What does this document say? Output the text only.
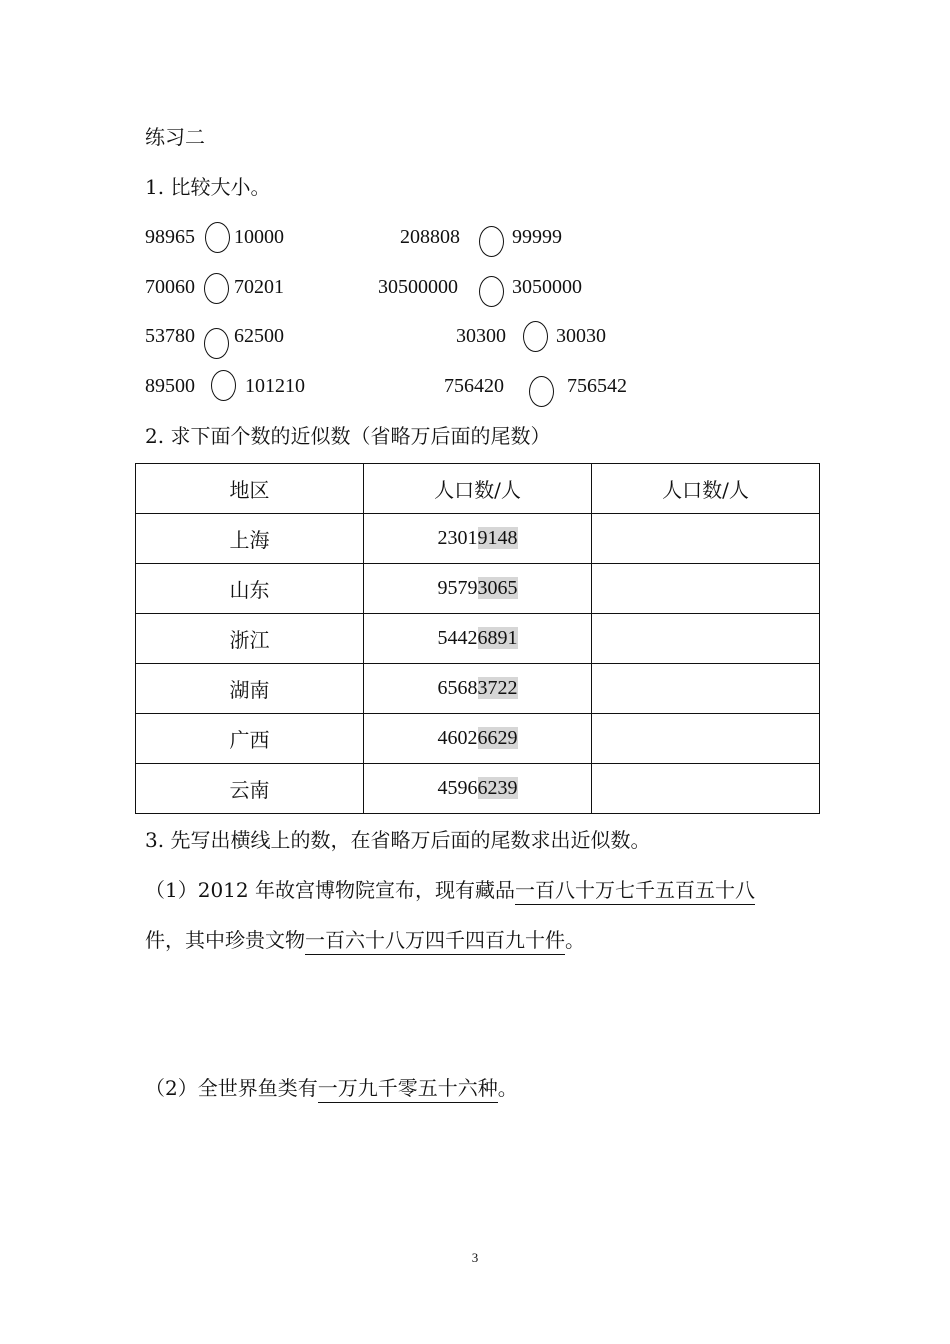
练习二
1. 比较大小。
98965 10000	208808	99999
70060 70201	30500000	3050000
53780 62500	30300	30030
89500	101210	756420	756542
2. 求下面个数的近似数（省略万后面的尾数）
地区	人口数/人	人口数/人
上海	23019148	
山东	95793065	
浙江	54426891	
湖南	65683722	
广西	46026629	
云南	45966239	
3. 先写出横线上的数，在省略万后面的尾数求出近似数。
（1）2012 年故宫博物院宣布，现有藏品一百八十万七千五百五十八
件，其中珍贵文物一百六十八万四千四百九十件。
（2）全世界鱼类有一万九千零五十六种。
3
